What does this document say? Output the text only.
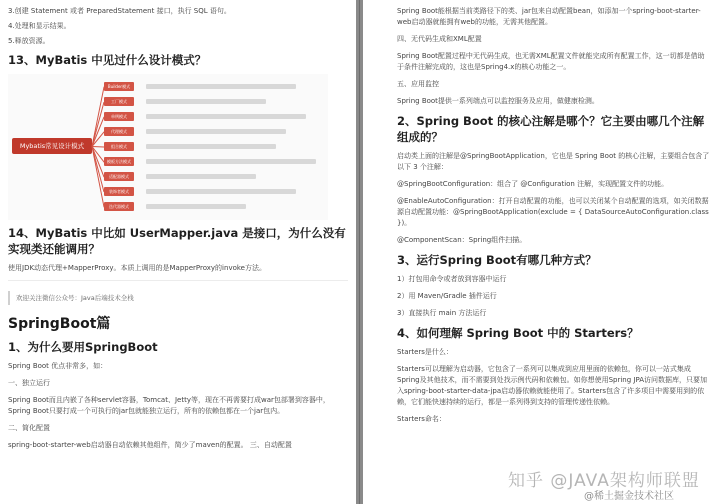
3.创建 Statement 或者 PreparedStatement 接口，执行 SQL 语句。

4.处理和显示结果。

5.释放资源。

13、MyBatis 中见过什么设计模式？
Mybatis常见设计模式
Builder模式
工厂模式
单例模式
代理模式
组合模式
模板方法模式
适配器模式
装饰者模式
迭代器模式
14、MyBatis 中比如 UserMapper.java 是接口，为什么没有实现类还能调用？

使用JDK动态代理+MapperProxy。本质上调用的是MapperProxy的invoke方法。

欢迎关注微信公众号：Java后端技术全栈
SpringBoot篇
1、为什么要用SpringBoot

Spring Boot 优点非常多，如：

一、独立运行

Spring Boot而且内嵌了各种servlet容器，Tomcat、Jetty等，现在不再需要打成war包部署到容器中，Spring Boot只要打成一个可执行的jar包就能独立运行，所有的依赖包都在一个jar包内。

二、简化配置

spring-boot-starter-web启动器自动依赖其他组件，简少了maven的配置。 三、自动配置

Spring Boot能根据当前类路径下的类、jar包来自动配置bean，如添加一个spring-boot-starter-web启动器就能拥有web的功能，无需其他配置。

四、无代码生成和XML配置

Spring Boot配置过程中无代码生成，也无需XML配置文件就能完成所有配置工作，这一切都是借助于条件注解完成的，这也是Spring4.x的核心功能之一。

五、应用监控

Spring Boot提供一系列端点可以监控服务及应用，做健康检测。

2、Spring Boot 的核心注解是哪个？它主要由哪几个注解组成的？

启动类上面的注解是@SpringBootApplication，它也是 Spring Boot 的核心注解，主要组合包含了以下 3 个注解：

@SpringBootConfiguration：组合了 @Configuration 注解，实现配置文件的功能。

@EnableAutoConfiguration：打开自动配置的功能，也可以关闭某个自动配置的选项，如关闭数据源自动配置功能：@SpringBootApplication(exclude = { DataSourceAutoConfiguration.class })。

@ComponentScan：Spring组件扫描。

3、运行Spring Boot有哪几种方式？

1）打包用命令或者放到容器中运行

2）用 Maven/Gradle 插件运行

3）直接执行 main 方法运行

4、如何理解 Spring Boot 中的 Starters？

Starters是什么：

Starters可以理解为启动器，它包含了一系列可以集成到应用里面的依赖包，你可以一站式集成 Spring及其他技术，而不需要到处找示例代码和依赖包。如你想使用Spring JPA访问数据库，只要加入spring-boot-starter-data-jpa启动器依赖就能使用了。Starters包含了许多项目中需要用到的依赖，它们能快速持续的运行，都是一系列得到支持的管理传递性依赖。

Starters命名：

知乎 @JAVA架构师联盟
@稀土掘金技术社区
